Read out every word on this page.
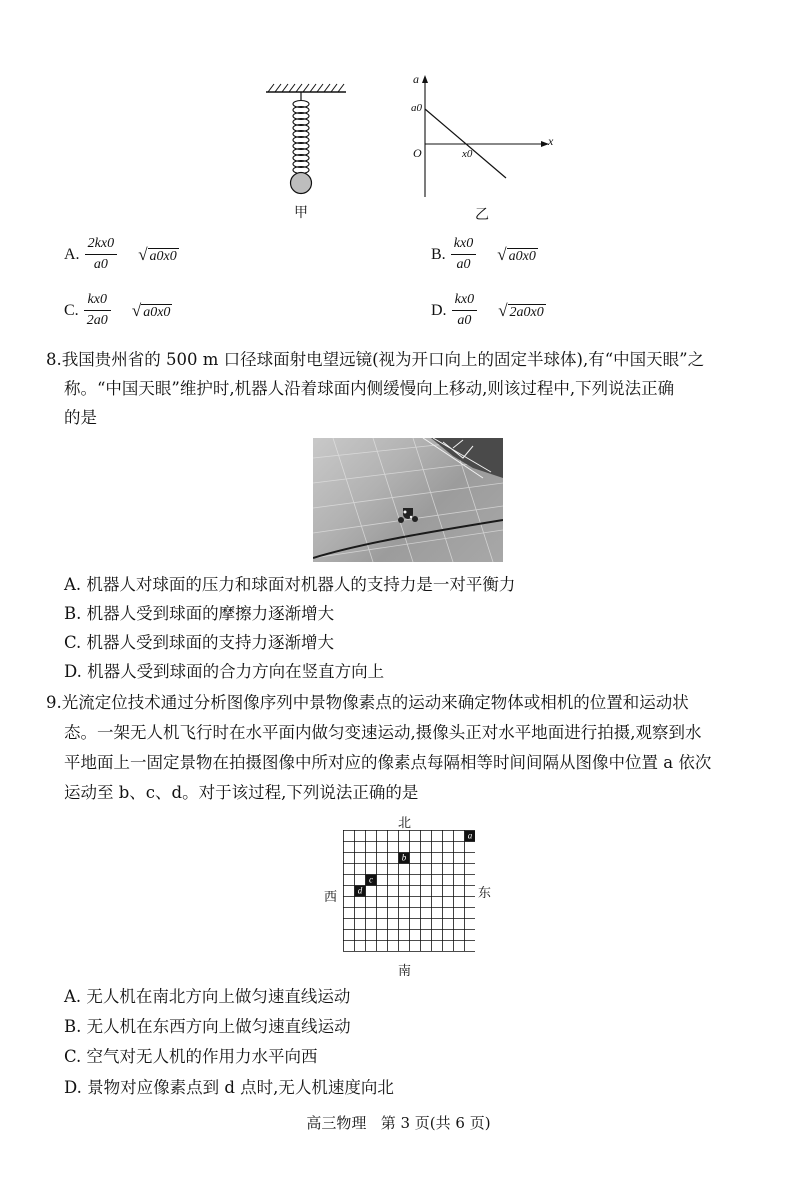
甲
a
a0
O	x0
x
乙
A. $\frac{2kx0}{a0}$ √ a0x0	B. $\frac{kx0}{a0}$ √ a0x0
C. $\frac{kx0}{2a0}$ √ a0x0	D. $\frac{kx0}{a0}$ √ 2a0x0
8.我国贵州省的 500 m 口径球面射电望远镜(视为开口向上的固定半球体),有“中国天眼”之
称。“中国天眼”维护时,机器人沿着球面内侧缓慢向上移动,则该过程中,下列说法正确
的是
A. 机器人对球面的压力和球面对机器人的支持力是一对平衡力
B. 机器人受到球面的摩擦力逐渐增大
C. 机器人受到球面的支持力逐渐增大
D. 机器人受到球面的合力方向在竖直方向上
9.光流定位技术通过分析图像序列中景物像素点的运动来确定物体或相机的位置和运动状
态。一架无人机飞行时在水平面内做匀变速运动,摄像头正对水平地面进行拍摄,观察到水
平地面上一固定景物在拍摄图像中所对应的像素点每隔相等时间间隔从图像中位置 a 依次
运动至 b、c、d。对于该过程,下列说法正确的是
北
南
西	东
a
b
c
d
A. 无人机在南北方向上做匀速直线运动
B. 无人机在东西方向上做匀速直线运动
C. 空气对无人机的作用力水平向西
D. 景物对应像素点到 d 点时,无人机速度向北
高三物理   第 3 页(共 6 页)
